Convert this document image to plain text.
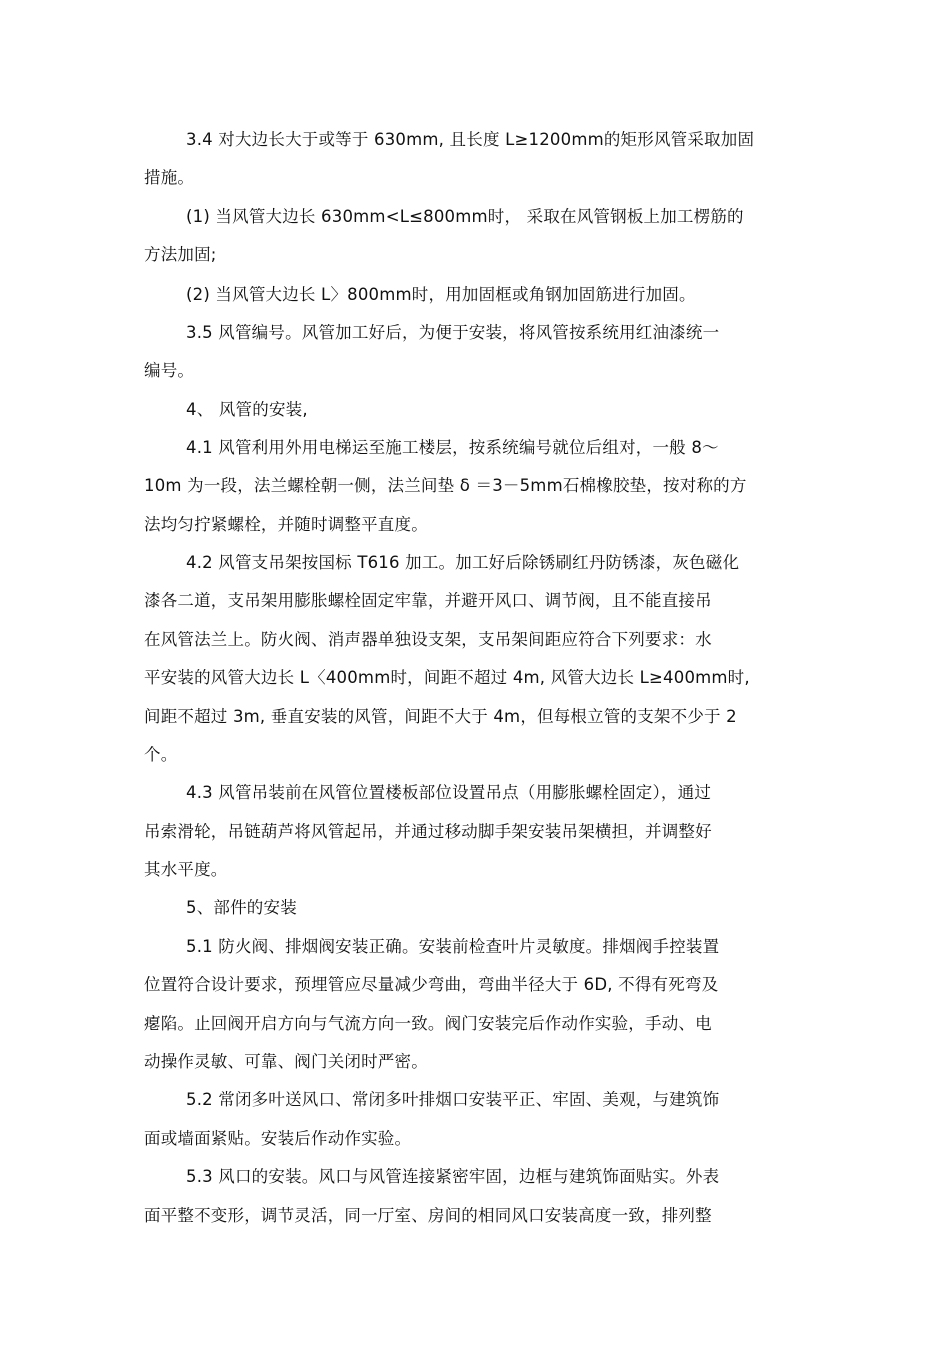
3.4 对大边长大于或等于 630mm, 且长度 L≥1200mm的矩形风管采取加固
措施。
(1) 当风管大边长 630mm<L≤800mm时， 采取在风管钢板上加工楞筋的
方法加固;
(2) 当风管大边长 L〉800mm时，用加固框或角钢加固筋进行加固。
3.5 风管编号。风管加工好后，为便于安装，将风管按系统用红油漆统一
编号。
4、 风管的安装,
4.1 风管利用外用电梯运至施工楼层，按系统编号就位后组对，一般 8～
10m 为一段，法兰螺栓朝一侧，法兰间垫 δ ＝3－5mm石棉橡胶垫，按对称的方
法均匀拧紧螺栓，并随时调整平直度。
4.2 风管支吊架按国标 T616 加工。加工好后除锈刷红丹防锈漆，灰色磁化
漆各二道，支吊架用膨胀螺栓固定牢靠，并避开风口、调节阀，且不能直接吊
在风管法兰上。防火阀、消声器单独设支架，支吊架间距应符合下列要求：水
平安装的风管大边长 L〈400mm时，间距不超过 4m, 风管大边长 L≥400mm时,
间距不超过 3m, 垂直安装的风管，间距不大于 4m，但每根立管的支架不少于 2
个。
4.3 风管吊装前在风管位置楼板部位设置吊点（用膨胀螺栓固定），通过
吊索滑轮，吊链葫芦将风管起吊，并通过移动脚手架安装吊架横担，并调整好
其水平度。
5、部件的安装
5.1 防火阀、排烟阀安装正确。安装前检查叶片灵敏度。排烟阀手控装置
位置符合设计要求，预埋管应尽量减少弯曲，弯曲半径大于 6D, 不得有死弯及
瘪陷。止回阀开启方向与气流方向一致。阀门安装完后作动作实验，手动、电
动操作灵敏、可靠、阀门关闭时严密。
5.2 常闭多叶送风口、常闭多叶排烟口安装平正、牢固、美观，与建筑饰
面或墙面紧贴。安装后作动作实验。
5.3 风口的安装。风口与风管连接紧密牢固，边框与建筑饰面贴实。外表
面平整不变形，调节灵活，同一厅室、房间的相同风口安装高度一致，排列整
